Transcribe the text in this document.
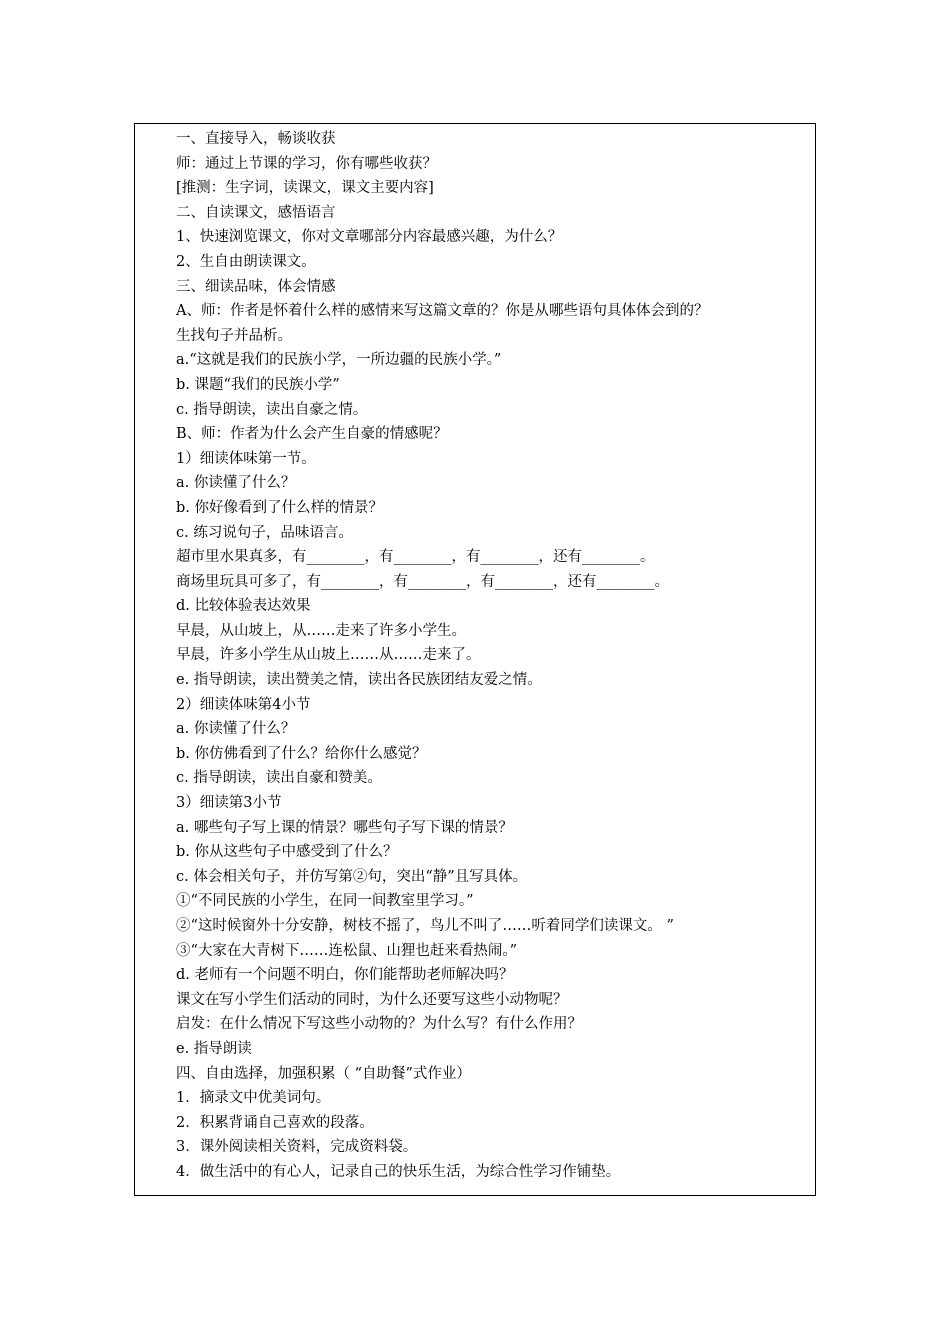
一、直接导入，畅谈收获
师：通过上节课的学习，你有哪些收获？
[推测：生字词，读课文，课文主要内容]
二、自读课文，感悟语言
1、快速浏览课文，你对文章哪部分内容最感兴趣，为什么？
2、生自由朗读课文。
三、细读品味，体会情感
A、师：作者是怀着什么样的感情来写这篇文章的？你是从哪些语句具体体会到的？
生找句子并品析。
a.“这就是我们的民族小学，一所边疆的民族小学。”
b. 课题“我们的民族小学”
c. 指导朗读，读出自豪之情。
B、师：作者为什么会产生自豪的情感呢？
1）细读体味第一节。
a. 你读懂了什么？
b. 你好像看到了什么样的情景？
c. 练习说句子，品味语言。
超市里水果真多，有________，有________，有________，还有________。
商场里玩具可多了，有________，有________，有________，还有________。
d. 比较体验表达效果
早晨，从山坡上，从……走来了许多小学生。
早晨，许多小学生从山坡上……从……走来了。
e. 指导朗读，读出赞美之情，读出各民族团结友爱之情。
2）细读体味第4小节
a. 你读懂了什么？
b. 你仿佛看到了什么？给你什么感觉？
c. 指导朗读，读出自豪和赞美。
3）细读第3小节
a. 哪些句子写上课的情景？哪些句子写下课的情景？
b. 你从这些句子中感受到了什么？
c. 体会相关句子，并仿写第②句，突出“静”且写具体。
①“不同民族的小学生，在同一间教室里学习。”
②“这时候窗外十分安静，树枝不摇了，鸟儿不叫了……听着同学们读课文。 ”
③“大家在大青树下……连松鼠、山狸也赶来看热闹。”
d. 老师有一个问题不明白，你们能帮助老师解决吗？
课文在写小学生们活动的同时，为什么还要写这些小动物呢？
启发：在什么情况下写这些小动物的？为什么写？有什么作用？
e. 指导朗读
四、自由选择，加强积累（ “自助餐”式作业）
1．摘录文中优美词句。
2．积累背诵自己喜欢的段落。
3．课外阅读相关资料，完成资料袋。
4．做生活中的有心人，记录自己的快乐生活，为综合性学习作铺垫。
